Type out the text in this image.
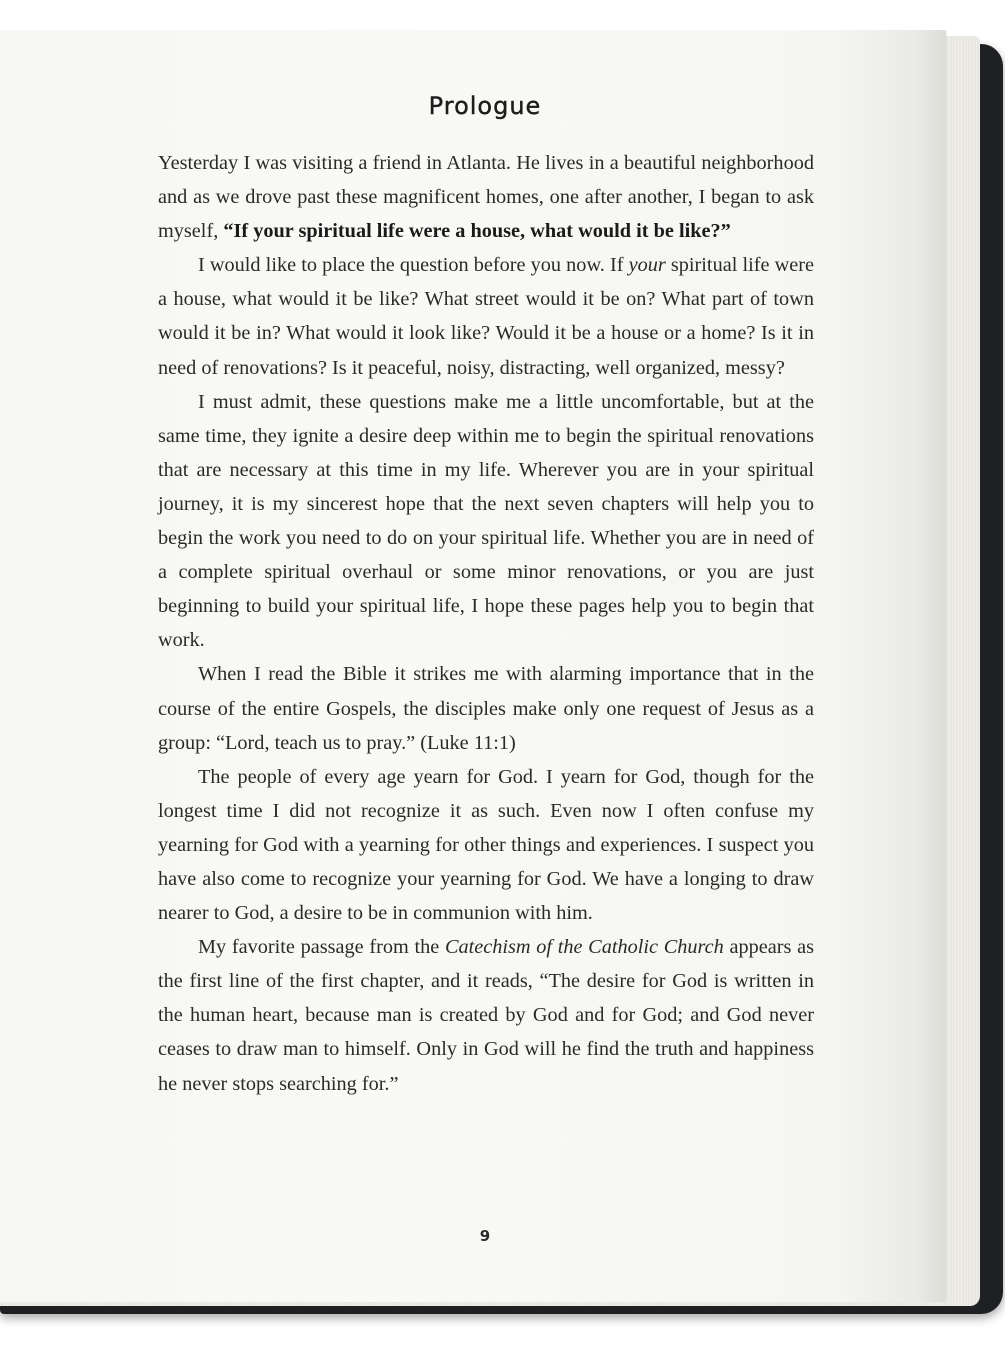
Prologue

Yesterday I was visiting a friend in Atlanta. He lives in a beautiful neighborhood and as we drove past these magnificent homes, one after another, I began to ask myself, “If your spiritual life were a house, what would it be like?”

I would like to place the question before you now. If your spiritual life were a house, what would it be like? What street would it be on? What part of town would it be in? What would it look like? Would it be a house or a home? Is it in need of renovations? Is it peaceful, noisy, distracting, well organized, messy?

I must admit, these questions make me a little uncomfortable, but at the same time, they ignite a desire deep within me to begin the spiritual renovations that are necessary at this time in my life. Wherever you are in your spiritual journey, it is my sincerest hope that the next seven chapters will help you to begin the work you need to do on your spiritual life. Whether you are in need of a complete spiritual overhaul or some minor renovations, or you are just beginning to build your spiritual life, I hope these pages help you to begin that work.

When I read the Bible it strikes me with alarming importance that in the course of the entire Gospels, the disciples make only one request of Jesus as a group: “Lord, teach us to pray.” (Luke 11:1)

The people of every age yearn for God. I yearn for God, though for the longest time I did not recognize it as such. Even now I often confuse my yearning for God with a yearning for other things and experiences. I suspect you have also come to recognize your yearning for God. We have a longing to draw nearer to God, a desire to be in communion with him.

My favorite passage from the Catechism of the Catholic Church appears as the first line of the first chapter, and it reads, “The desire for God is written in the human heart, because man is created by God and for God; and God never ceases to draw man to himself. Only in God will he find the truth and happiness he never stops searching for.”

9
